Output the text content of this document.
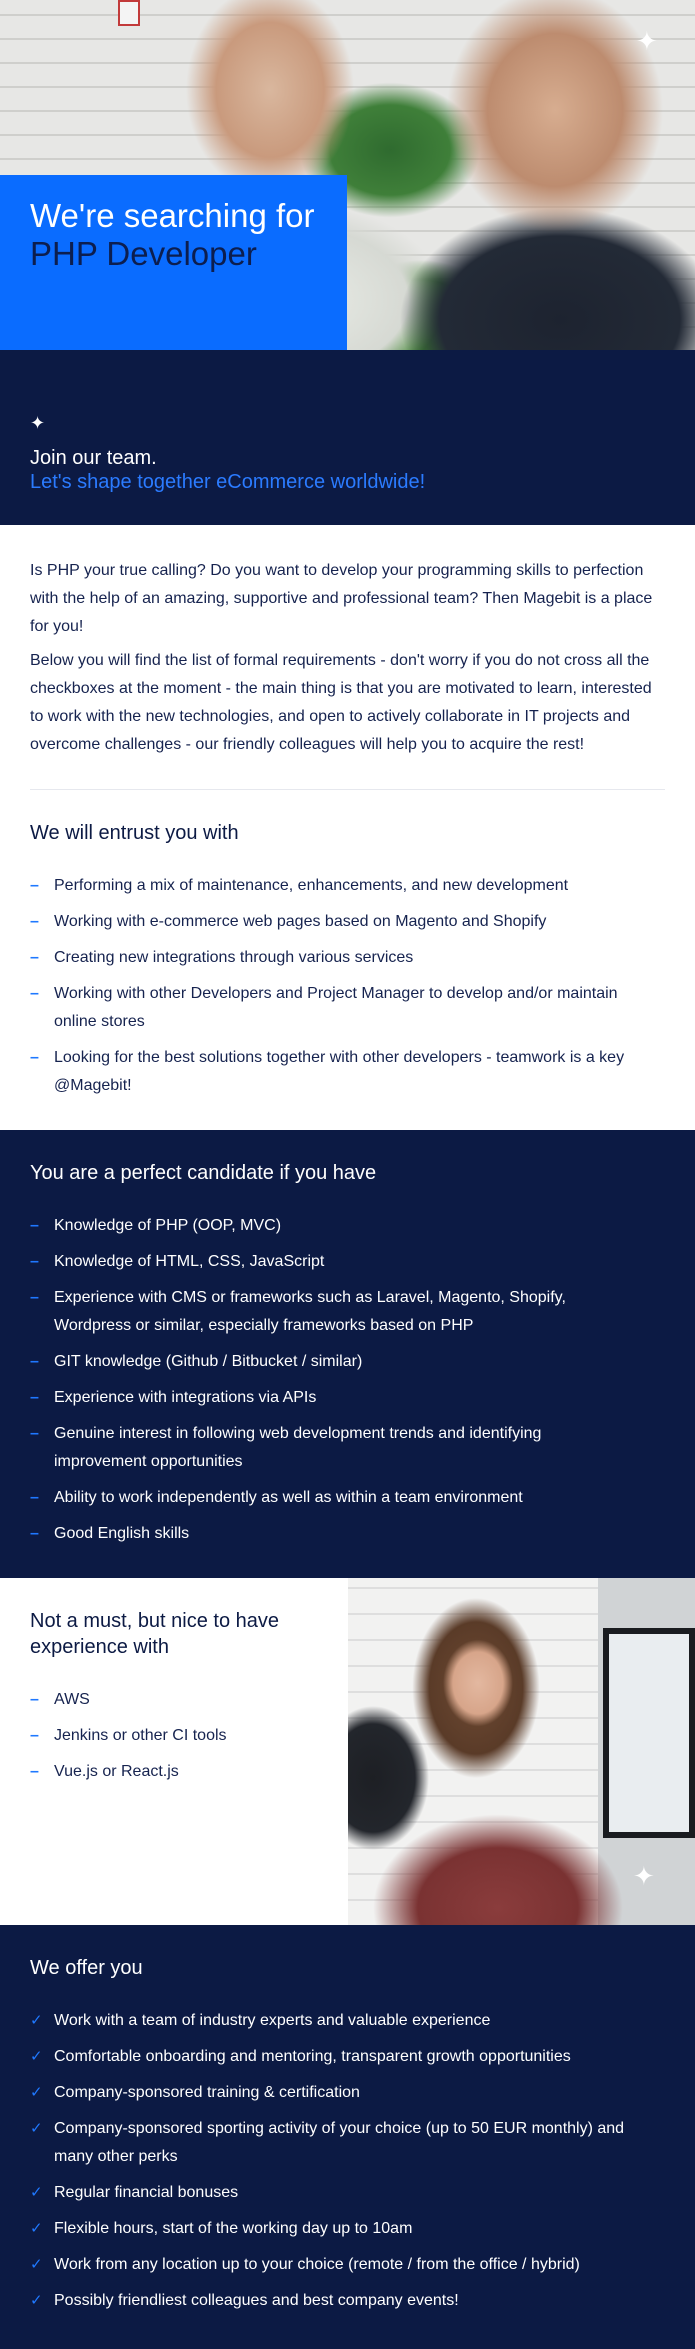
✦
We're searching for
PHP Developer
✦
Join our team.
Let's shape together eCommerce worldwide!

Is PHP your true calling? Do you want to develop your programming skills to perfection with the help of an amazing, supportive and professional team? Then Magebit is a place for you!

Below you will find the list of formal requirements - don't worry if you do not cross all the checkboxes at the moment - the main thing is that you are motivated to learn, interested to work with the new technologies, and open to actively collaborate in IT projects and overcome challenges - our friendly colleagues will help you to acquire the rest!

We will entrust you with
– Performing a mix of maintenance, enhancements, and new development
– Working with e-commerce web pages based on Magento and Shopify
– Creating new integrations through various services
– Working with other Developers and Project Manager to develop and/or maintain online stores
– Looking for the best solutions together with other developers - teamwork is a key @Magebit!
You are a perfect candidate if you have
– Knowledge of PHP (OOP, MVC)
– Knowledge of HTML, CSS, JavaScript
– Experience with CMS or frameworks such as Laravel, Magento, Shopify, Wordpress or similar, especially frameworks based on PHP
– GIT knowledge (Github / Bitbucket / similar)
– Experience with integrations via APIs
– Genuine interest in following web development trends and identifying improvement opportunities
– Ability to work independently as well as within a team environment
– Good English skills
Not a must, but nice to have experience with
– AWS
– Jenkins or other CI tools
– Vue.js or React.js
✦
We offer you
✓ Work with a team of industry experts and valuable experience
✓ Comfortable onboarding and mentoring, transparent growth opportunities
✓ Company-sponsored training & certification
✓ Company-sponsored sporting activity of your choice (up to 50 EUR monthly) and many other perks
✓ Regular financial bonuses
✓ Flexible hours, start of the working day up to 10am
✓ Work from any location up to your choice (remote / from the office / hybrid)
✓ Possibly friendliest colleagues and best company events!
